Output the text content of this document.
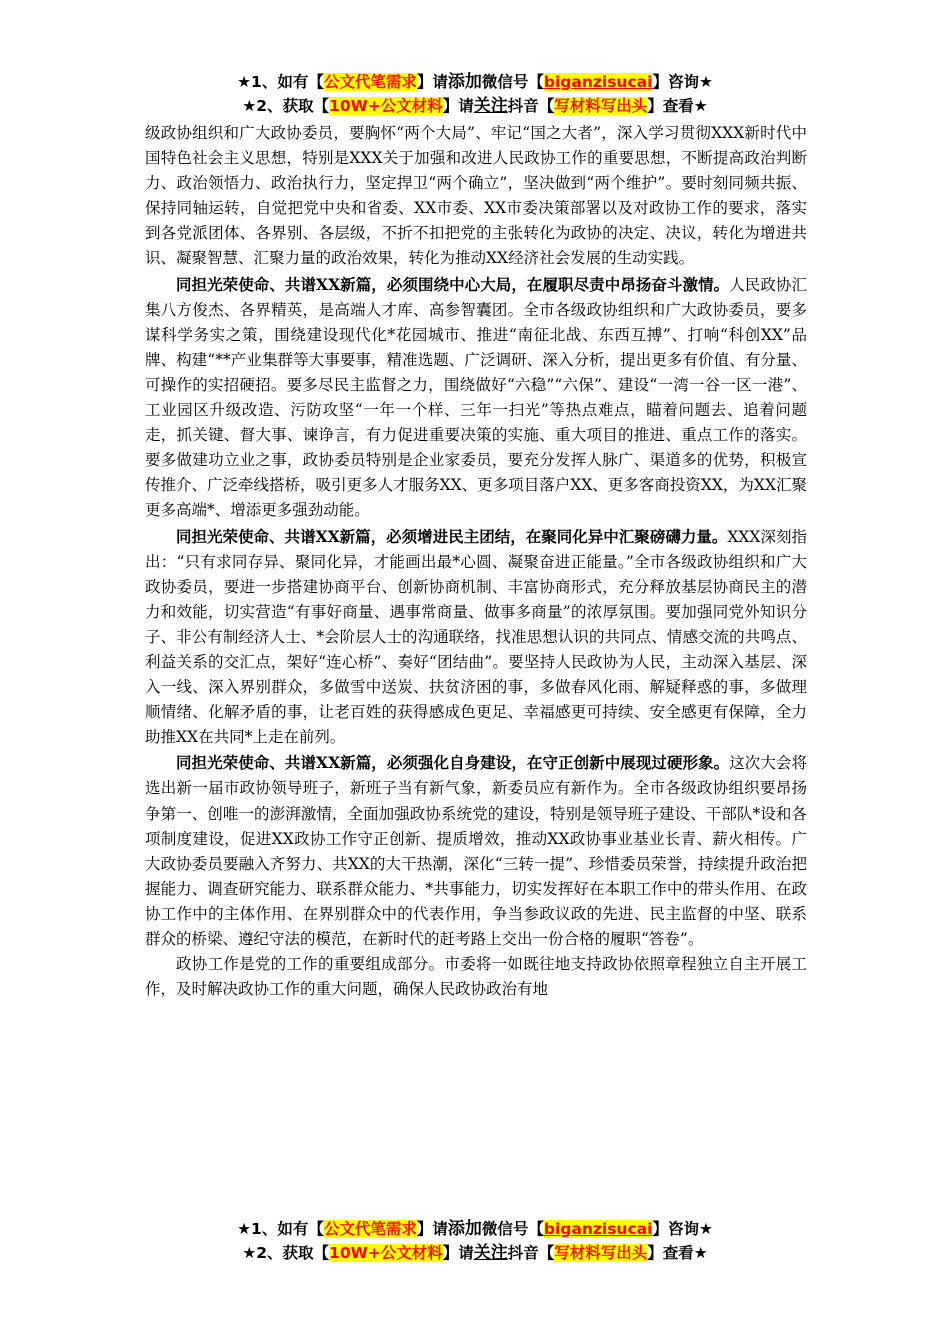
★1、如有【公文代笔需求】请添加微信号【biganzisucai】咨询★
★2、获取【10W+公文材料】请关注抖音【写材料写出头】查看★

级政协组织和广大政协委员，要胸怀“两个大局”、牢记“国之大者”，深入学习贯彻XXX新时代中国特色社会主义思想，特别是XXX关于加强和改进人民政协工作的重要思想，不断提高政治判断力、政治领悟力、政治执行力，坚定捍卫“两个确立”，坚决做到“两个维护”。要时刻同频共振、保持同轴运转，自觉把党中央和省委、XX市委、XX市委决策部署以及对政协工作的要求，落实到各党派团体、各界别、各层级，不折不扣把党的主张转化为政协的决定、决议，转化为增进共识、凝聚智慧、汇聚力量的政治效果，转化为推动XX经济社会发展的生动实践。

同担光荣使命、共谱XX新篇，必须围绕中心大局，在履职尽责中昂扬奋斗激情。人民政协汇集八方俊杰、各界精英，是高端人才库、高参智囊团。全市各级政协组织和广大政协委员，要多谋科学务实之策，围绕建设现代化*花园城市、推进“南征北战、东西互搏”、打响“科创XX”品牌、构建“**产业集群等大事要事，精准选题、广泛调研、深入分析，提出更多有价值、有分量、可操作的实招硬招。要多尽民主监督之力，围绕做好“六稳”“六保”、建设“一湾一谷一区一港”、工业园区升级改造、污防攻坚“一年一个样、三年一扫光”等热点难点，瞄着问题去、追着问题走，抓关键、督大事、谏诤言，有力促进重要决策的实施、重大项目的推进、重点工作的落实。要多做建功立业之事，政协委员特别是企业家委员，要充分发挥人脉广、渠道多的优势，积极宣传推介、广泛牵线搭桥，吸引更多人才服务XX、更多项目落户XX、更多客商投资XX，为XX汇聚更多高端*、增添更多强劲动能。

同担光荣使命、共谱XX新篇，必须增进民主团结，在聚同化异中汇聚磅礴力量。XXX深刻指出：“只有求同存异、聚同化异，才能画出最*心圆、凝聚奋进正能量。”全市各级政协组织和广大政协委员，要进一步搭建协商平台、创新协商机制、丰富协商形式，充分释放基层协商民主的潜力和效能，切实营造“有事好商量、遇事常商量、做事多商量”的浓厚氛围。要加强同党外知识分子、非公有制经济人士、*会阶层人士的沟通联络，找准思想认识的共同点、情感交流的共鸣点、利益关系的交汇点，架好“连心桥”、奏好“团结曲”。要坚持人民政协为人民，主动深入基层、深入一线、深入界别群众，多做雪中送炭、扶贫济困的事，多做春风化雨、解疑释惑的事，多做理顺情绪、化解矛盾的事，让老百姓的获得感成色更足、幸福感更可持续、安全感更有保障，全力助推XX在共同*上走在前列。

同担光荣使命、共谱XX新篇，必须强化自身建设，在守正创新中展现过硬形象。这次大会将选出新一届市政协领导班子，新班子当有新气象，新委员应有新作为。全市各级政协组织要昂扬争第一、创唯一的澎湃激情，全面加强政协系统党的建设，特别是领导班子建设、干部队*设和各项制度建设，促进XX政协工作守正创新、提质增效，推动XX政协事业基业长青、薪火相传。广大政协委员要融入齐努力、共XX的大干热潮，深化“三转一提”、珍惜委员荣誉，持续提升政治把握能力、调查研究能力、联系群众能力、*共事能力，切实发挥好在本职工作中的带头作用、在政协工作中的主体作用、在界别群众中的代表作用，争当参政议政的先进、民主监督的中坚、联系群众的桥梁、遵纪守法的模范，在新时代的赶考路上交出一份合格的履职“答卷”。

政协工作是党的工作的重要组成部分。市委将一如既往地支持政协依照章程独立自主开展工作，及时解决政协工作的重大问题，确保人民政协政治有地

★1、如有【公文代笔需求】请添加微信号【biganzisucai】咨询★
★2、获取【10W+公文材料】请关注抖音【写材料写出头】查看★
